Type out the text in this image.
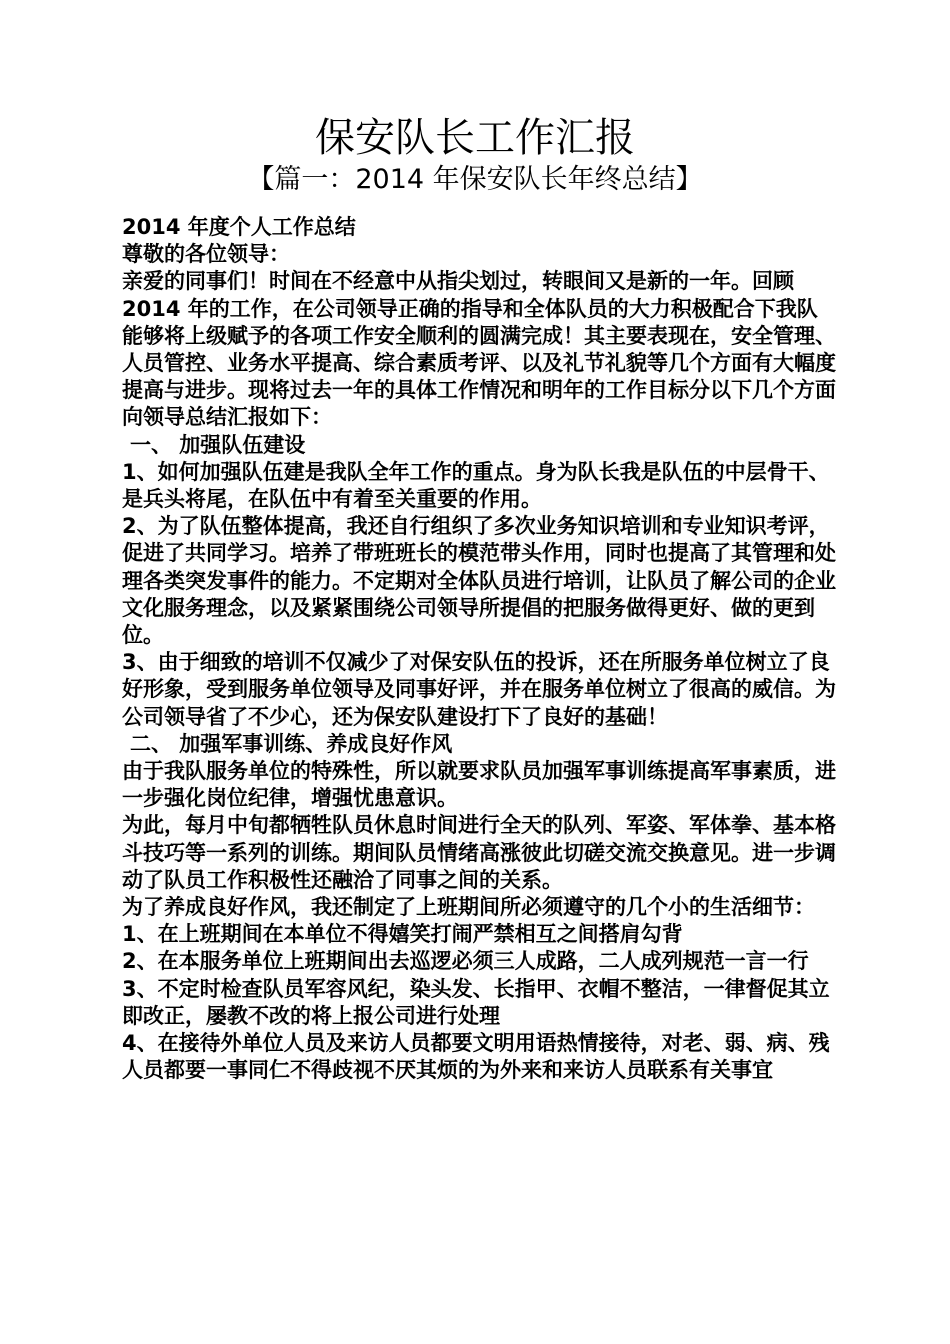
保安队长工作汇报
【篇一：2014 年保安队长年终总结】

2014 年度个人工作总结

尊敬的各位领导：

亲爱的同事们！时间在不经意中从指尖划过，转眼间又是新的一年。回顾 2014 年的工作，在公司领导正确的指导和全体队员的大力积极配合下我队能够将上级赋予的各项工作安全顺利的圆满完成！其主要表现在，安全管理、人员管控、业务水平提高、综合素质考评、以及礼节礼貌等几个方面有大幅度提高与进步。现将过去一年的具体工作情况和明年的工作目标分以下几个方面向领导总结汇报如下：

一、 加强队伍建设

1、如何加强队伍建是我队全年工作的重点。身为队长我是队伍的中层骨干、是兵头将尾，在队伍中有着至关重要的作用。

2、为了队伍整体提高，我还自行组织了多次业务知识培训和专业知识考评，促进了共同学习。培养了带班班长的模范带头作用，同时也提高了其管理和处理各类突发事件的能力。不定期对全体队员进行培训，让队员了解公司的企业文化服务理念，以及紧紧围绕公司领导所提倡的把服务做得更好、做的更到位。

3、由于细致的培训不仅减少了对保安队伍的投诉，还在所服务单位树立了良好形象，受到服务单位领导及同事好评，并在服务单位树立了很高的威信。为公司领导省了不少心，还为保安队建设打下了良好的基础！

二、 加强军事训练、养成良好作风

由于我队服务单位的特殊性，所以就要求队员加强军事训练提高军事素质，进一步强化岗位纪律，增强忧患意识。

为此，每月中旬都牺牲队员休息时间进行全天的队列、军姿、军体拳、基本格斗技巧等一系列的训练。期间队员情绪高涨彼此切磋交流交换意见。进一步调动了队员工作积极性还融洽了同事之间的关系。

为了养成良好作风，我还制定了上班期间所必须遵守的几个小的生活细节：

1、在上班期间在本单位不得嬉笑打闹严禁相互之间搭肩勾背

2、在本服务单位上班期间出去巡逻必须三人成路，二人成列规范一言一行

3、不定时检查队员军容风纪，染头发、长指甲、衣帽不整洁，一律督促其立即改正，屡教不改的将上报公司进行处理

4、在接待外单位人员及来访人员都要文明用语热情接待，对老、弱、病、残人员都要一事同仁不得歧视不厌其烦的为外来和来访人员联系有关事宜
